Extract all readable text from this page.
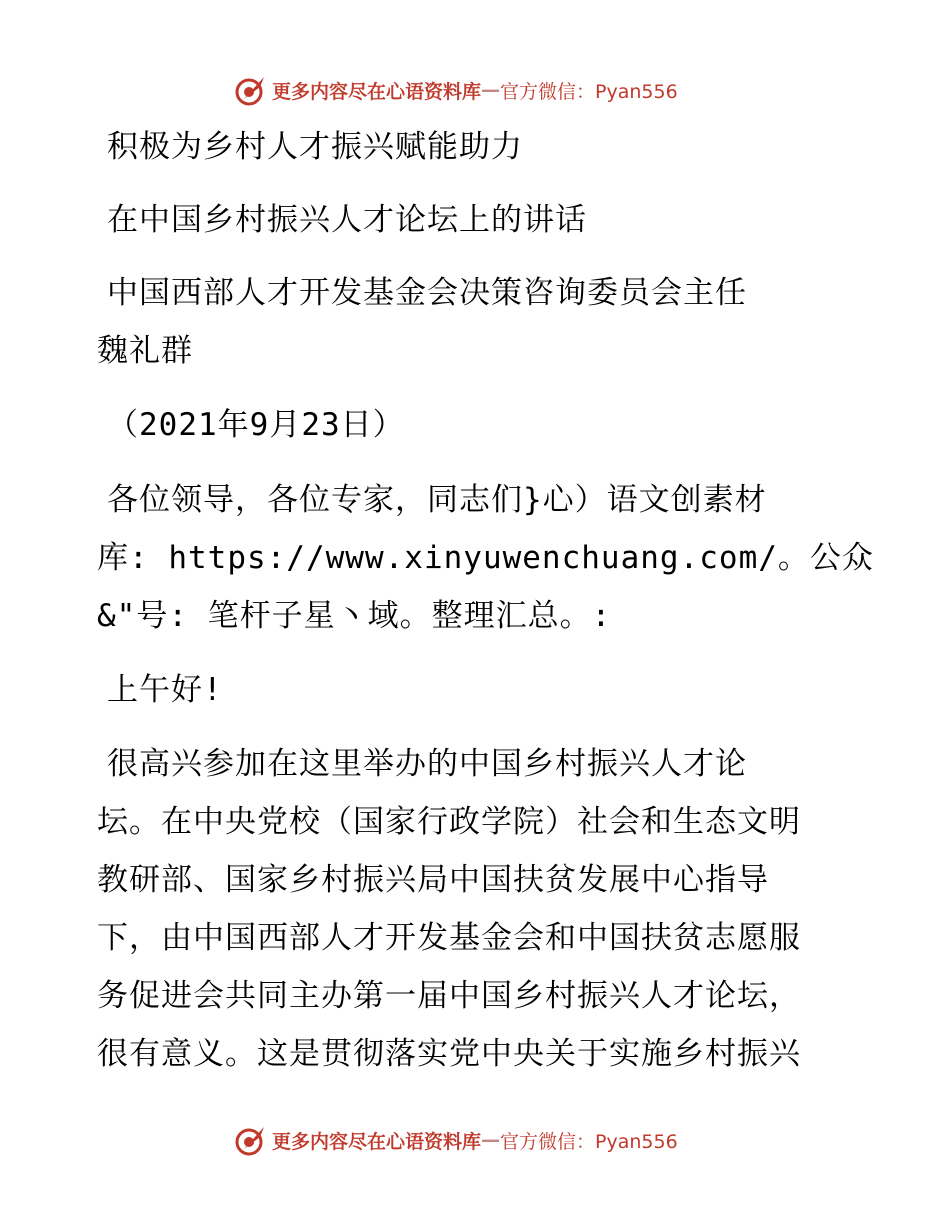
更多内容尽在心语资料库 — 官方微信：Pyan556
积极为乡村人才振兴赋能助力
在中国乡村振兴人才论坛上的讲话
中国西部人才开发基金会决策咨询委员会主任
魏礼群
（2021年9月23日）
各位领导，各位专家，同志们}心）语文创素材
库: https://www.xinyuwenchuang.com/。公众
&"号: 笔杆子星丶域。整理汇总。:
上午好!
很高兴参加在这里举办的中国乡村振兴人才论
坛。在中央党校（国家行政学院）社会和生态文明
教研部、国家乡村振兴局中国扶贫发展中心指导
下，由中国西部人才开发基金会和中国扶贫志愿服
务促进会共同主办第一届中国乡村振兴人才论坛，
很有意义。这是贯彻落实党中央关于实施乡村振兴
更多内容尽在心语资料库 — 官方微信：Pyan556
